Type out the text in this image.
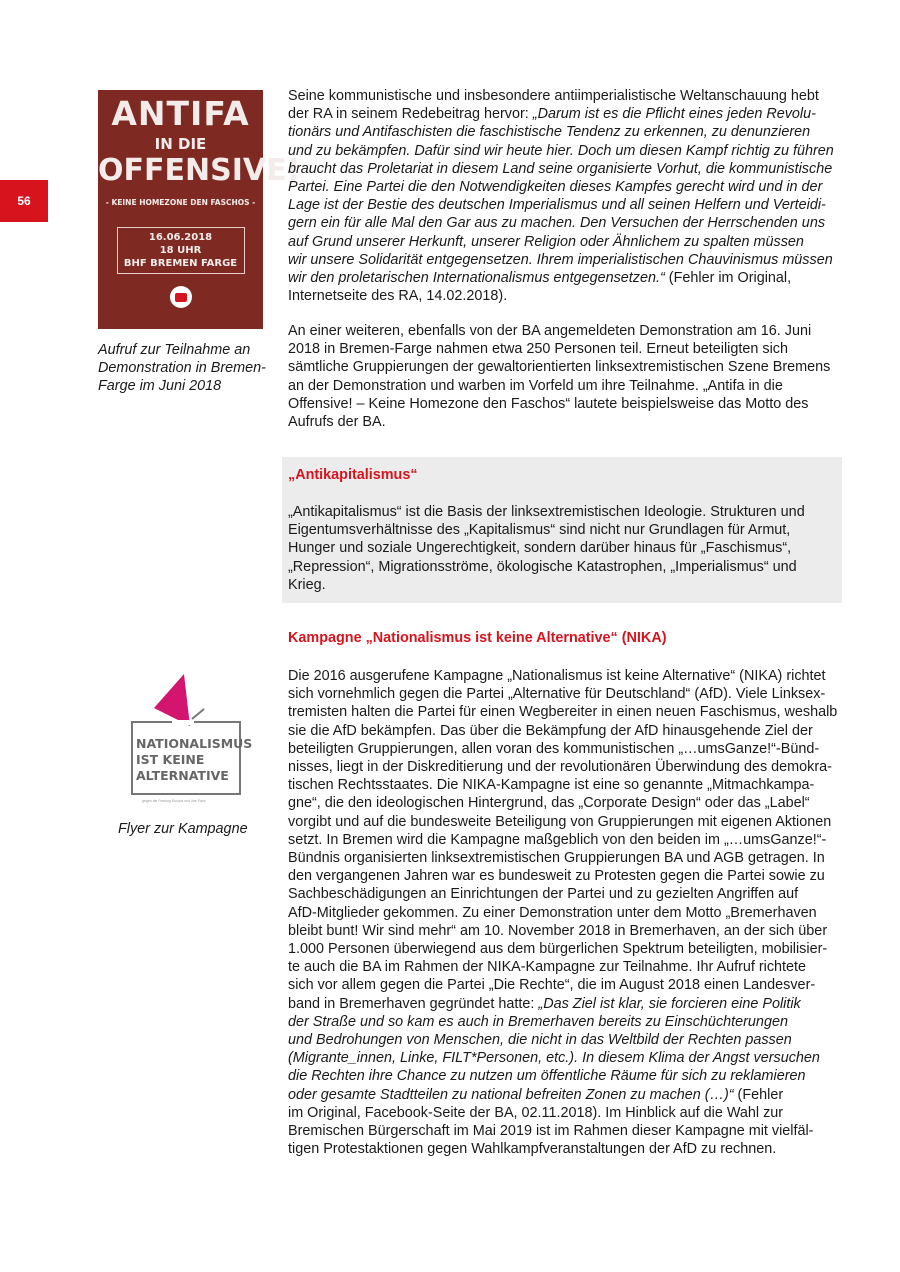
56
ANTIFA
IN DIE
OFFENSIVE!
- KEINE HOMEZONE DEN FASCHOS -
16.06.2018
18 UHR
BHF BREMEN FARGE
Aufruf zur Teilnahme an
Demonstration in Bremen-
Farge im Juni 2018
NATIONALISMUS
IST KEINE
ALTERNATIVE
gegen die Festung Europa und ihre Fans
Flyer zur Kampagne
Seine kommunistische und insbesondere antiimperialistische Weltanschauung hebt
der RA in seinem Redebeitrag hervor: „Darum ist es die Pflicht eines jeden Revolu-
tionärs und Antifaschisten die faschistische Tendenz zu erkennen, zu denunzieren
und zu bekämpfen. Dafür sind wir heute hier. Doch um diesen Kampf richtig zu führen
braucht das Proletariat in diesem Land seine organisierte Vorhut, die kommunistische
Partei. Eine Partei die den Notwendigkeiten dieses Kampfes gerecht wird und in der
Lage ist der Bestie des deutschen Imperialismus und all seinen Helfern und Verteidi-
gern ein für alle Mal den Gar aus zu machen. Den Versuchen der Herrschenden uns
auf Grund unserer Herkunft, unserer Religion oder Ähnlichem zu spalten müssen
wir unsere Solidarität entgegensetzen. Ihrem imperialistischen Chauvinismus müssen
wir den proletarischen Internationalismus entgegensetzen.“ (Fehler im Original,
Internetseite des RA, 14.02.2018).
An einer weiteren, ebenfalls von der BA angemeldeten Demonstration am 16. Juni
2018 in Bremen-Farge nahmen etwa 250 Personen teil. Erneut beteiligten sich
sämtliche Gruppierungen der gewaltorientierten linksextremistischen Szene Bremens
an der Demonstration und warben im Vorfeld um ihre Teilnahme. „Antifa in die
Offensive! – Keine Homezone den Faschos“ lautete beispielsweise das Motto des
Aufrufs der BA.
„Antikapitalismus“
„Antikapitalismus“ ist die Basis der linksextremistischen Ideologie. Strukturen und
Eigentumsverhältnisse des „Kapitalismus“ sind nicht nur Grundlagen für Armut,
Hunger und soziale Ungerechtigkeit, sondern darüber hinaus für „Faschismus“,
„Repression“, Migrationsströme, ökologische Katastrophen, „Imperialismus“ und
Krieg.
Kampagne „Nationalismus ist keine Alternative“ (NIKA)
Die 2016 ausgerufene Kampagne „Nationalismus ist keine Alternative“ (NIKA) richtet
sich vornehmlich gegen die Partei „Alternative für Deutschland“ (AfD). Viele Linksex-
tremisten halten die Partei für einen Wegbereiter in einen neuen Faschismus, weshalb
sie die AfD bekämpfen. Das über die Bekämpfung der AfD hinausgehende Ziel der
beteiligten Gruppierungen, allen voran des kommunistischen „…umsGanze!“-Bünd-
nisses, liegt in der Diskreditierung und der revolutionären Überwindung des demokra-
tischen Rechtsstaates. Die NIKA-Kampagne ist eine so genannte „Mitmachkampa-
gne“, die den ideologischen Hintergrund, das „Corporate Design“ oder das „Label“
vorgibt und auf die bundesweite Beteiligung von Gruppierungen mit eigenen Aktionen
setzt. In Bremen wird die Kampagne maßgeblich von den beiden im „…umsGanze!“-
Bündnis organisierten linksextremistischen Gruppierungen BA und AGB getragen. In
den vergangenen Jahren war es bundesweit zu Protesten gegen die Partei sowie zu
Sachbeschädigungen an Einrichtungen der Partei und zu gezielten Angriffen auf
AfD-Mitglieder gekommen. Zu einer Demonstration unter dem Motto „Bremerhaven
bleibt bunt! Wir sind mehr“ am 10. November 2018 in Bremerhaven, an der sich über
1.000 Personen überwiegend aus dem bürgerlichen Spektrum beteiligten, mobilisier-
te auch die BA im Rahmen der NIKA-Kampagne zur Teilnahme. Ihr Aufruf richtete
sich vor allem gegen die Partei „Die Rechte“, die im August 2018 einen Landesver-
band in Bremerhaven gegründet hatte: „Das Ziel ist klar, sie forcieren eine Politik
der Straße und so kam es auch in Bremerhaven bereits zu Einschüchterungen
und Bedrohungen von Menschen, die nicht in das Weltbild der Rechten passen
(Migrante_innen, Linke, FILT*Personen, etc.). In diesem Klima der Angst versuchen
die Rechten ihre Chance zu nutzen um öffentliche Räume für sich zu reklamieren
oder gesamte Stadtteilen zu national befreiten Zonen zu machen (…)“ (Fehler
im Original, Facebook-Seite der BA, 02.11.2018). Im Hinblick auf die Wahl zur
Bremischen Bürgerschaft im Mai 2019 ist im Rahmen dieser Kampagne mit vielfäl-
tigen Protestaktionen gegen Wahlkampfveranstaltungen der AfD zu rechnen.
